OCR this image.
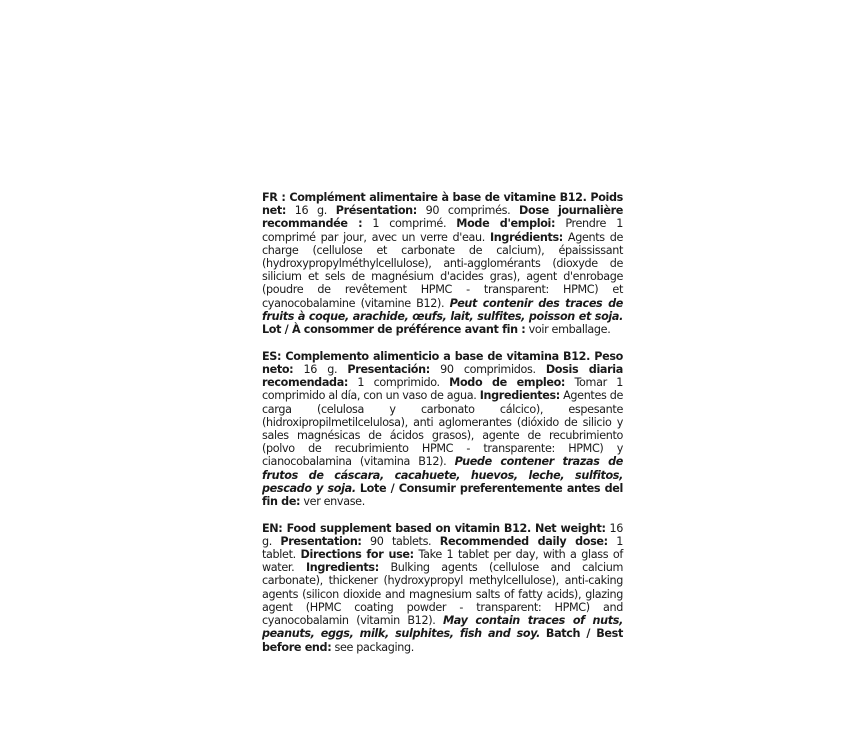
FR : Complément alimentaire à base de vitamine B12. Poids net: 16 g. Présentation: 90 comprimés. Dose journalière recommandée : 1 comprimé. Mode d'emploi: Prendre 1 comprimé par jour, avec un verre d'eau. Ingrédients: Agents de charge (cellulose et carbonate de calcium), épaississant (hydroxypropylméthylcellulose), anti-agglomérants (dioxyde de silicium et sels de magnésium d'acides gras), agent d'enrobage (poudre de revêtement HPMC - transparent: HPMC) et cyanocobalamine (vitamine B12). Peut contenir des traces de fruits à coque, arachide, œufs, lait, sulfites, poisson et soja. Lot / À consommer de préférence avant fin : voir emballage.

ES: Complemento alimenticio a base de vitamina B12. Peso neto: 16 g. Presentación: 90 comprimidos. Dosis diaria recomendada: 1 comprimido. Modo de empleo: Tomar 1 comprimido al día, con un vaso de agua. Ingredientes: Agentes de carga (celulosa y carbonato cálcico), espesante (hidroxipropilmetilcelulosa), anti aglomerantes (dióxido de silicio y sales magnésicas de ácidos grasos), agente de recubrimiento (polvo de recubrimiento HPMC - transparente: HPMC) y cianocobalamina (vitamina B12). Puede contener trazas de frutos de cáscara, cacahuete, huevos, leche, sulfitos, pescado y soja. Lote / Consumir preferentemente antes del fin de: ver envase.

EN: Food supplement based on vitamin B12. Net weight: 16 g. Presentation: 90 tablets. Recommended daily dose: 1 tablet. Directions for use: Take 1 tablet per day, with a glass of water. Ingredients: Bulking agents (cellulose and calcium carbonate), thickener (hydroxypropyl methylcellulose), anti-caking agents (silicon dioxide and magnesium salts of fatty acids), glazing agent (HPMC coating powder - transparent: HPMC) and cyanocobalamin (vitamin B12). May contain traces of nuts, peanuts, eggs, milk, sulphites, fish and soy. Batch / Best before end: see packaging.
